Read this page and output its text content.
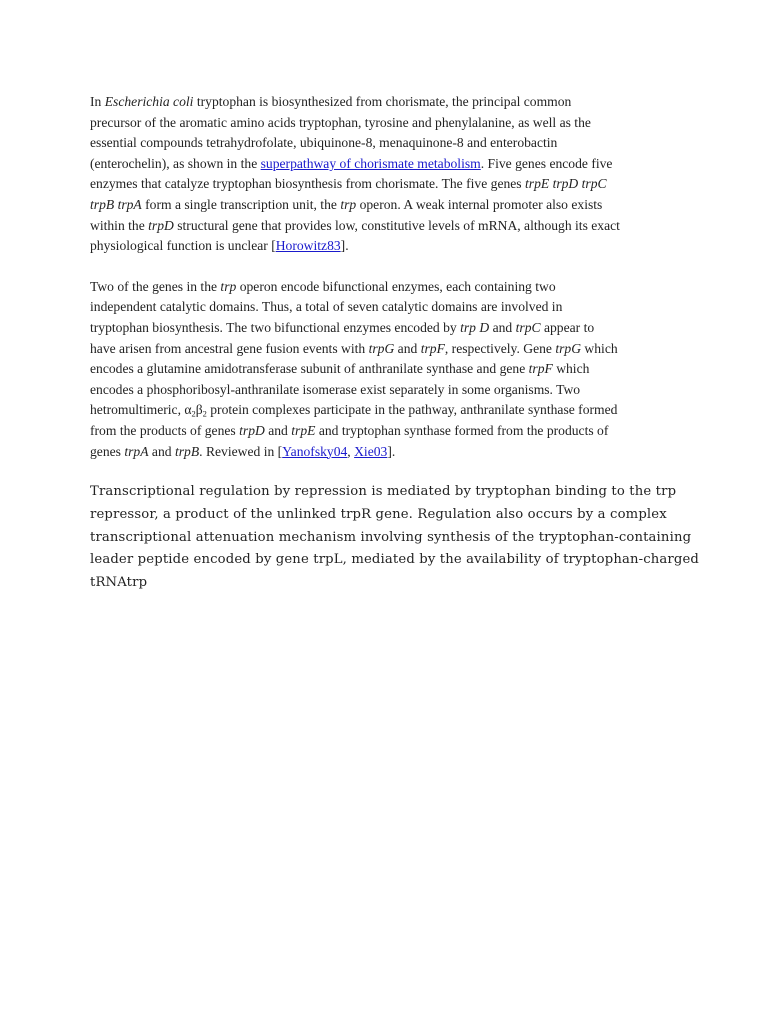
In Escherichia coli tryptophan is biosynthesized from chorismate, the principal common
precursor of the aromatic amino acids tryptophan, tyrosine and phenylalanine, as well as the
essential compounds tetrahydrofolate, ubiquinone-8, menaquinone-8 and enterobactin
(enterochelin), as shown in the superpathway of chorismate metabolism. Five genes encode five
enzymes that catalyze tryptophan biosynthesis from chorismate. The five genes trpE trpD trpC
trpB trpA form a single transcription unit, the trp operon. A weak internal promoter also exists
within the trpD structural gene that provides low, constitutive levels of mRNA, although its exact
physiological function is unclear [Horowitz83].

Two of the genes in the trp operon encode bifunctional enzymes, each containing two
independent catalytic domains. Thus, a total of seven catalytic domains are involved in
tryptophan biosynthesis. The two bifunctional enzymes encoded by trp D and trpC appear to
have arisen from ancestral gene fusion events with trpG and trpF, respectively. Gene trpG which
encodes a glutamine amidotransferase subunit of anthranilate synthase and gene trpF which
encodes a phosphoribosyl-anthranilate isomerase exist separately in some organisms. Two
hetromultimeric, $\alpha_2\beta_2$ protein complexes participate in the pathway, anthranilate synthase formed
from the products of genes trpD and trpE and tryptophan synthase formed from the products of
genes trpA and trpB. Reviewed in [Yanofsky04, Xie03].

Transcriptional regulation by repression is mediated by tryptophan binding to the trp
repressor, a product of the unlinked trpR gene. Regulation also occurs by a complex
transcriptional attenuation mechanism involving synthesis of the tryptophan-containing
leader peptide encoded by gene trpL, mediated by the availability of tryptophan-charged
tRNAtrp
